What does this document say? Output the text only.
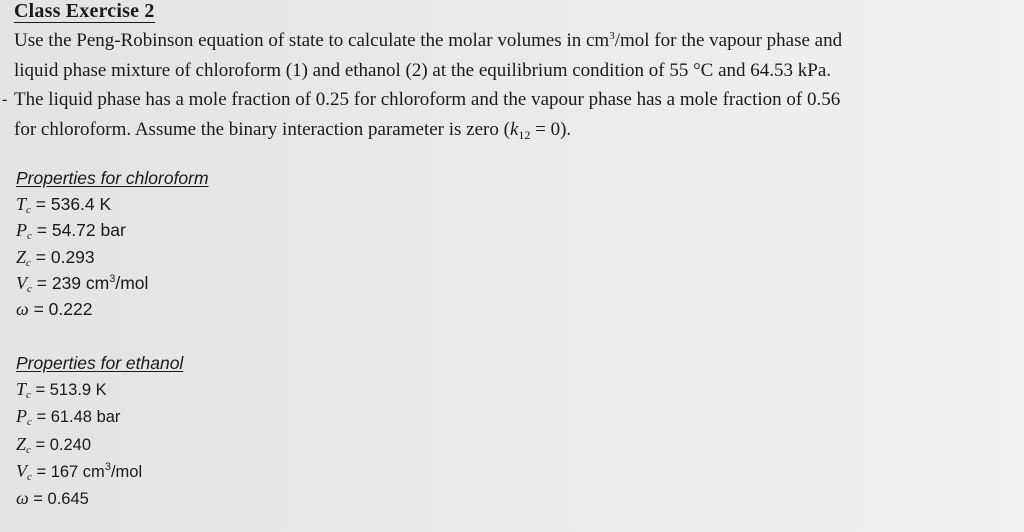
Class Exercise 2
Use the Peng-Robinson equation of state to calculate the molar volumes in $cm^3$/mol for the vapour phase and
liquid phase mixture of chloroform (1) and ethanol (2) at the equilibrium condition of 55 °C and 64.53 kPa.
- The liquid phase has a mole fraction of 0.25 for chloroform and the vapour phase has a mole fraction of 0.56
for chloroform. Assume the binary interaction parameter is zero $(k_{12} = 0)$.
Properties for chloroform
$T_c = 536.4$ K
$P_c = 54.72$ bar
$Z_c = 0.293$
$V_c = 239$ $cm^3$/mol
ω = 0.222
Properties for ethanol
$T_c = 513.9$ K
$P_c = 61.48$ bar
$Z_c = 0.240$
$V_c = 167$ $cm^3$/mol
ω = 0.645
